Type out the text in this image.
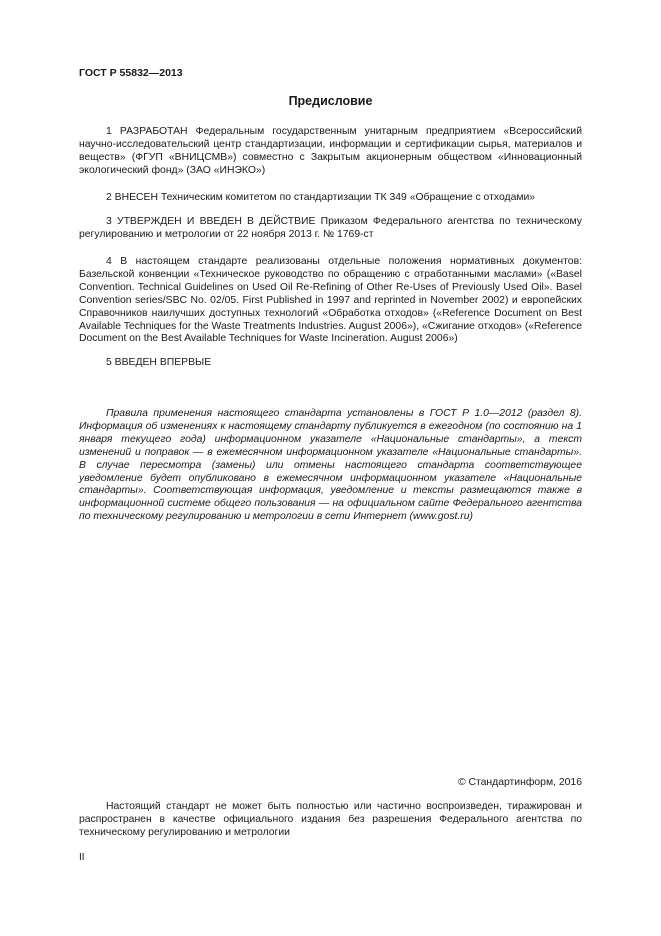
ГОСТ Р 55832—2013

Предисловие

1 РАЗРАБОТАН Федеральным государственным унитарным предприятием «Всероссийский научно-исследовательский центр стандартизации, информации и сертификации сырья, материалов и веществ» (ФГУП «ВНИЦСМВ») совместно с Закрытым акционерным обществом «Инновационный экологический фонд» (ЗАО «ИНЭКО»)

2 ВНЕСЕН Техническим комитетом по стандартизации ТК 349 «Обращение с отходами»

3 УТВЕРЖДЕН И ВВЕДЕН В ДЕЙСТВИЕ Приказом Федерального агентства по техническому регулированию и метрологии от 22 ноября 2013 г. № 1769-ст

4 В настоящем стандарте реализованы отдельные положения нормативных документов: Базельской конвенции «Техническое руководство по обращению с отработанными маслами» («Basel Convention. Technical Guidelines on Used Oil Re-Refining of Other Re-Uses of Previously Used Oil». Basel Convention series/SBC No. 02/05. First Published in 1997 and reprinted in November 2002) и европейских Справочников наилучших доступных технологий «Обработка отходов» («Reference Document on Best Available Techniques for the Waste Treatments Industries. August 2006»), «Сжигание отходов» («Reference Document on the Best Available Techniques for Waste Incineration. August 2006»)

5 ВВЕДЕН ВПЕРВЫЕ

Правила применения настоящего стандарта установлены в ГОСТ Р 1.0—2012 (раздел 8). Информация об изменениях к настоящему стандарту публикуется в ежегодном (по состоянию на 1 января текущего года) информационном указателе «Национальные стандарты», а текст изменений и поправок — в ежемесячном информационном указателе «Национальные стандарты». В случае пересмотра (замены) или отмены настоящего стандарта соответствующее уведомление будет опубликовано в ежемесячном информационном указателе «Национальные стандарты». Соответствующая информация, уведомление и тексты размещаются также в информационной системе общего пользования — на официальном сайте Федерального агентства по техническому регулированию и метрологии в сети Интернет (www.gost.ru)

© Стандартинформ, 2016

Настоящий стандарт не может быть полностью или частично воспроизведен, тиражирован и распространен в качестве официального издания без разрешения Федерального агентства по техническому регулированию и метрологии

II
